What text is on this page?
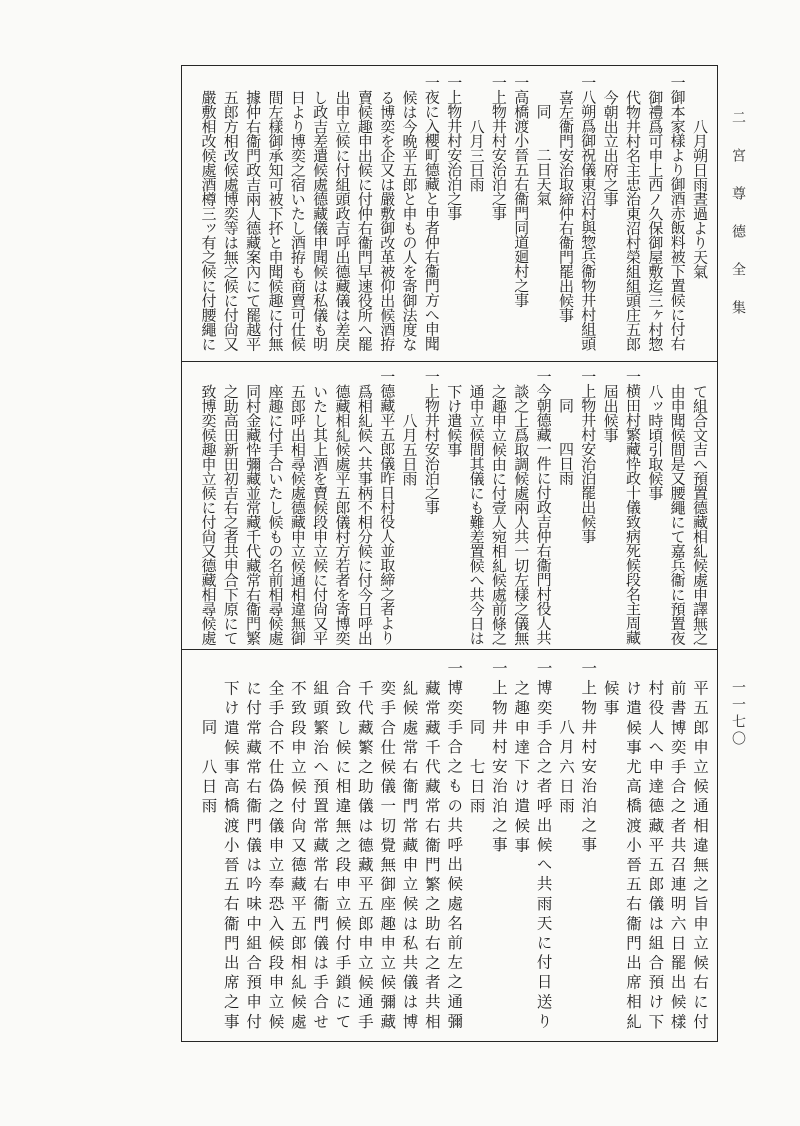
二宮尊德全集
一一七〇
八月朔日雨晝過より天氣
一御本家樣より御酒赤飯料被下置候に付右
御禮爲可申上西ノ久保御屋敷迄三ヶ村惣
代物井村名主忠治東沼村榮組組頭庄五郎
今朝出立出府之事
一八朔爲御祝儀東沼村與惣兵衞物井村組頭
喜左衞門安治取締仲右衞門罷出候事
同　　二日天氣
一高橋渡小晉五右衞門同道廻村之事
一上物井村安治泊之事
八月三日雨
一上物井村安治泊之事
一夜に入櫻町德藏と申者仲右衞門方へ申聞
候は今晩平五郎と申もの人を寄御法度な
る博奕を企又は嚴敷御改革被仰出候酒拵
賣候趣申出候に付仲右衞門早速役所へ罷
出申立候に付組頭政吉呼出德藏儀は差戾
し政吉差遣候處德藏儀申聞候は私儀も明
日より博奕之宿いたし酒拵も商賣可仕候
間左樣御承知可被下抔と申聞候趣に付無
據仲右衞門政吉兩人德藏案內にて罷越平
五郎方相改候處博奕等は無之候に付尙又
嚴敷相改候處酒樽三ッ有之候に付腰繩に
て組合文吉へ預置德藏相糺候處申譯無之
由申聞候間是又腰繩にて嘉兵衞に預置夜
八ッ時頃引取候事
一横田村繁藏忰政十儀致病死候段名主周藏
屆出候事
一上物井村安治泊罷出候事
同　　四日雨
一今朝德藏一件に付政吉仲右衞門村役人共
談之上爲取調候處兩人共一切左樣之儀無
之趣申立候由に付壹人宛相糺候處前條之
通申立候間其儀にも難差置候へ共今日は
下け遣候事
一上物井村安治泊之事
八月五日雨
一德藏平五郎儀昨日村役人並取締之者より
爲相糺候へ共事柄不相分候に付今日呼出
德藏相糺候處平五郎儀村方若者を寄博奕
いたし其上酒を賣候段申立候に付尙又平
五郎呼出相尋候處德藏申立候通相違無御
座趣に付手合いたし候もの名前相尋候處
同村金藏忰彌藏並常藏千代藏常右衞門繁
之助高田新田初吉右之者共申合下原にて
致博奕候趣申立候に付尙又德藏相尋候處
平五郎申立候通相違無之旨申立候右に付
前書博奕手合之者共召連明六日罷出候樣
村役人へ申達德藏平五郎儀は組合預け下
け遣候事尤高橋渡小晉五右衞門出席相糺
候事
一上物井村安治泊之事
八月六日雨
一博奕手合之者呼出候へ共雨天に付日送り
之趣申達下け遣候事
一上物井村安治泊之事
同　七日雨
一博奕手合之もの共呼出候處名前左之通彌
藏常藏千代藏常右衞門繁之助右之者共相
糺候處常右衞門常藏申立候は私共儀は博
奕手合仕候儀一切覺無御座趣申立候彌藏
千代藏繁之助儀は德藏平五郎申立候通手
合致し候に相違無之段申立候付手鎖にて
組頭繁治へ預置常藏常右衞門儀は手合せ
不致段申立候付尙又德藏平五郎相糺候處
全手合不仕偽之儀申立奉恐入候段申立候
に付常藏常右衞門儀は吟味中組合預申付
下け遣候事高橋渡小晉五右衞門出席之事
同　八日雨
